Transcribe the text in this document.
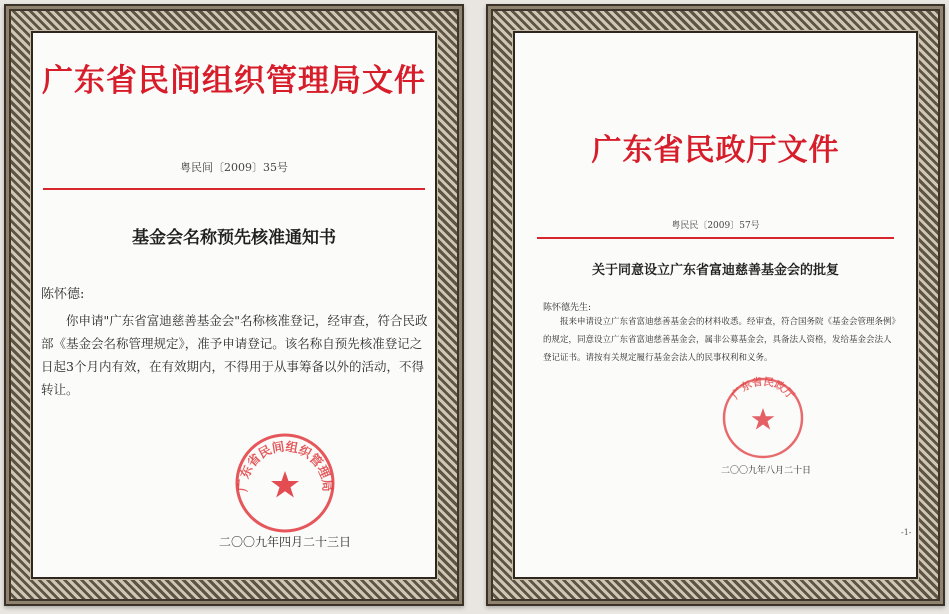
广东省民间组织管理局文件
粤民间〔2009〕35号
基金会名称预先核准通知书
陈怀德:
你申请"广东省富迪慈善基金会"名称核准登记，经审查，符合民政部《基金会名称管理规定》，准予申请登记。该名称自预先核准登记之日起3个月内有效，在有效期内，不得用于从事筹备以外的活动，不得转让。
广东省民间组织管理局
二〇〇九年四月二十三日
广东省民政厅文件
粤民民〔2009〕57号
关于同意设立广东省富迪慈善基金会的批复
陈怀德先生:
报来申请设立广东省富迪慈善基金会的材料收悉。经审查，符合国务院《基金会管理条例》的规定，同意设立广东省富迪慈善基金会，属非公募基金会，具备法人资格，发给基金会法人登记证书。请按有关规定履行基金会法人的民事权利和义务。
广东省民政厅
二〇〇九年八月二十日
-1-
